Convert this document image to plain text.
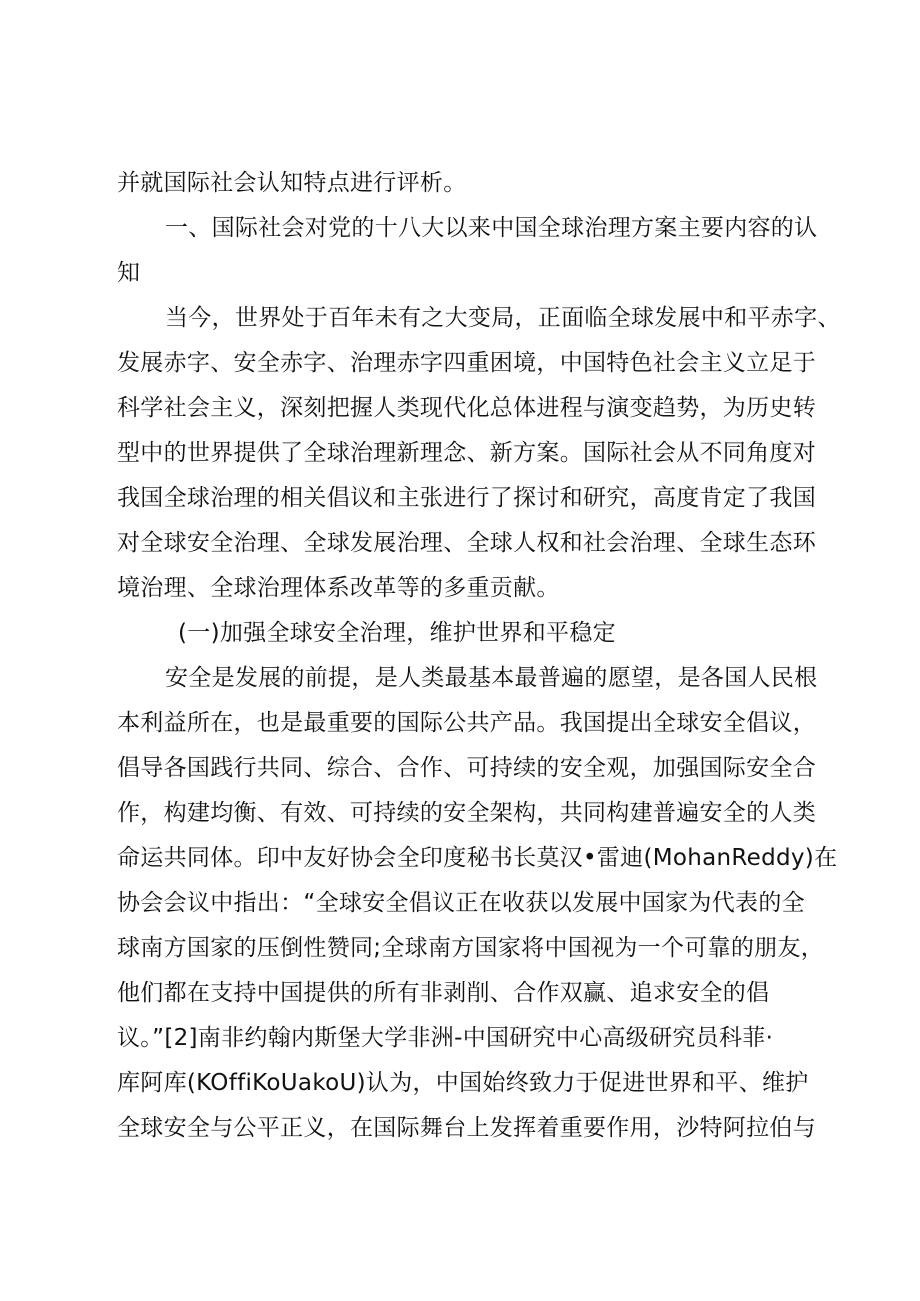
并就国际社会认知特点进行评析。
一、国际社会对党的十八大以来中国全球治理方案主要内容的认
知
当今，世界处于百年未有之大变局，正面临全球发展中和平赤字、
发展赤字、安全赤字、治理赤字四重困境，中国特色社会主义立足于
科学社会主义，深刻把握人类现代化总体进程与演变趋势，为历史转
型中的世界提供了全球治理新理念、新方案。国际社会从不同角度对
我国全球治理的相关倡议和主张进行了探讨和研究，高度肯定了我国
对全球安全治理、全球发展治理、全球人权和社会治理、全球生态环
境治理、全球治理体系改革等的多重贡献。
(一)加强全球安全治理，维护世界和平稳定
安全是发展的前提，是人类最基本最普遍的愿望，是各国人民根
本利益所在，也是最重要的国际公共产品。我国提出全球安全倡议，
倡导各国践行共同、综合、合作、可持续的安全观，加强国际安全合
作，构建均衡、有效、可持续的安全架构，共同构建普遍安全的人类
命运共同体。印中友好协会全印度秘书长莫汉•雷迪(MohanReddy)在
协会会议中指出：“全球安全倡议正在收获以发展中国家为代表的全
球南方国家的压倒性赞同;全球南方国家将中国视为一个可靠的朋友，
他们都在支持中国提供的所有非剥削、合作双赢、追求安全的倡
议。”[2]南非约翰内斯堡大学非洲-中国研究中心高级研究员科菲·
库阿库(KOffiKoUakoU)认为，中国始终致力于促进世界和平、维护
全球安全与公平正义，在国际舞台上发挥着重要作用，沙特阿拉伯与
